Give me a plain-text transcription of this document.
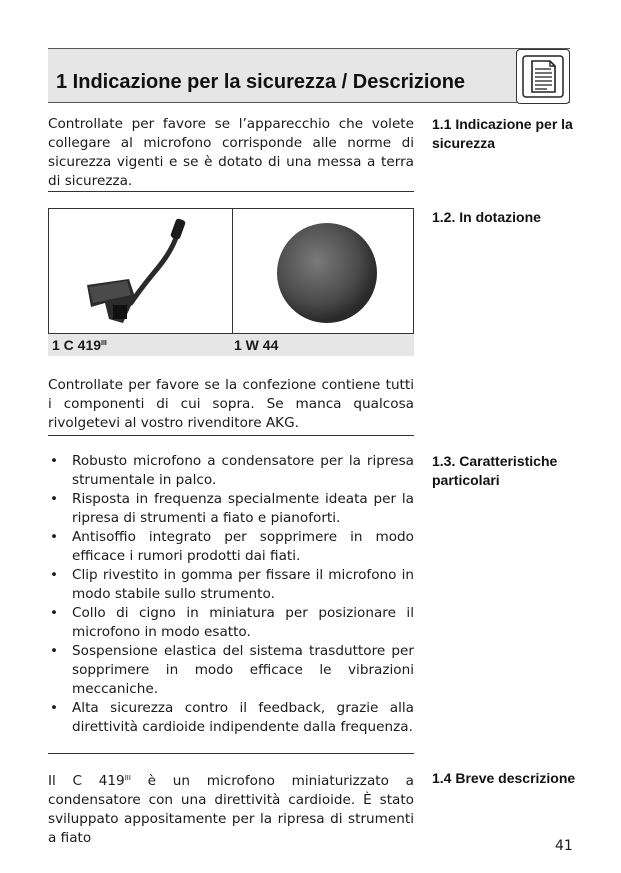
1 Indicazione per la sicurezza / Descrizione
Controllate per favore se l’apparecchio che volete collegare al microfono corrisponde alle norme di sicurezza vigenti e se è dotato di una messa a terra di sicurezza.
1.1 Indicazione per la sicurezza
1.2. In dotazione
1 C $419^{III}$	1 W 44
Controllate per favore se la confezione contiene tutti i componenti di cui sopra. Se manca qualcosa rivolgetevi al vostro rivenditore AKG.
1.3. Caratteristiche particolari
• Robusto microfono a condensatore per la ripresa strumentale in palco.
• Risposta in frequenza specialmente ideata per la ripresa di strumenti a fiato e pianoforti.
• Antisoffio integrato per sopprimere in modo efficace i rumori prodotti dai fiati.
• Clip rivestito in gomma per fissare il microfono in modo stabile sullo strumento.
• Collo di cigno in miniatura per posizionare il microfono in modo esatto.
• Sospensione elastica del sistema trasduttore per sopprimere in modo efficace le vibrazioni meccaniche.
• Alta sicurezza contro il feedback, grazie alla direttività cardioide indipendente dalla frequenza.
1.4 Breve descrizione
Il C $419^{III}$ è un microfono miniaturizzato a condensatore con una direttività cardioide. È stato sviluppato appositamente per la ripresa di strumenti a fiato	41
